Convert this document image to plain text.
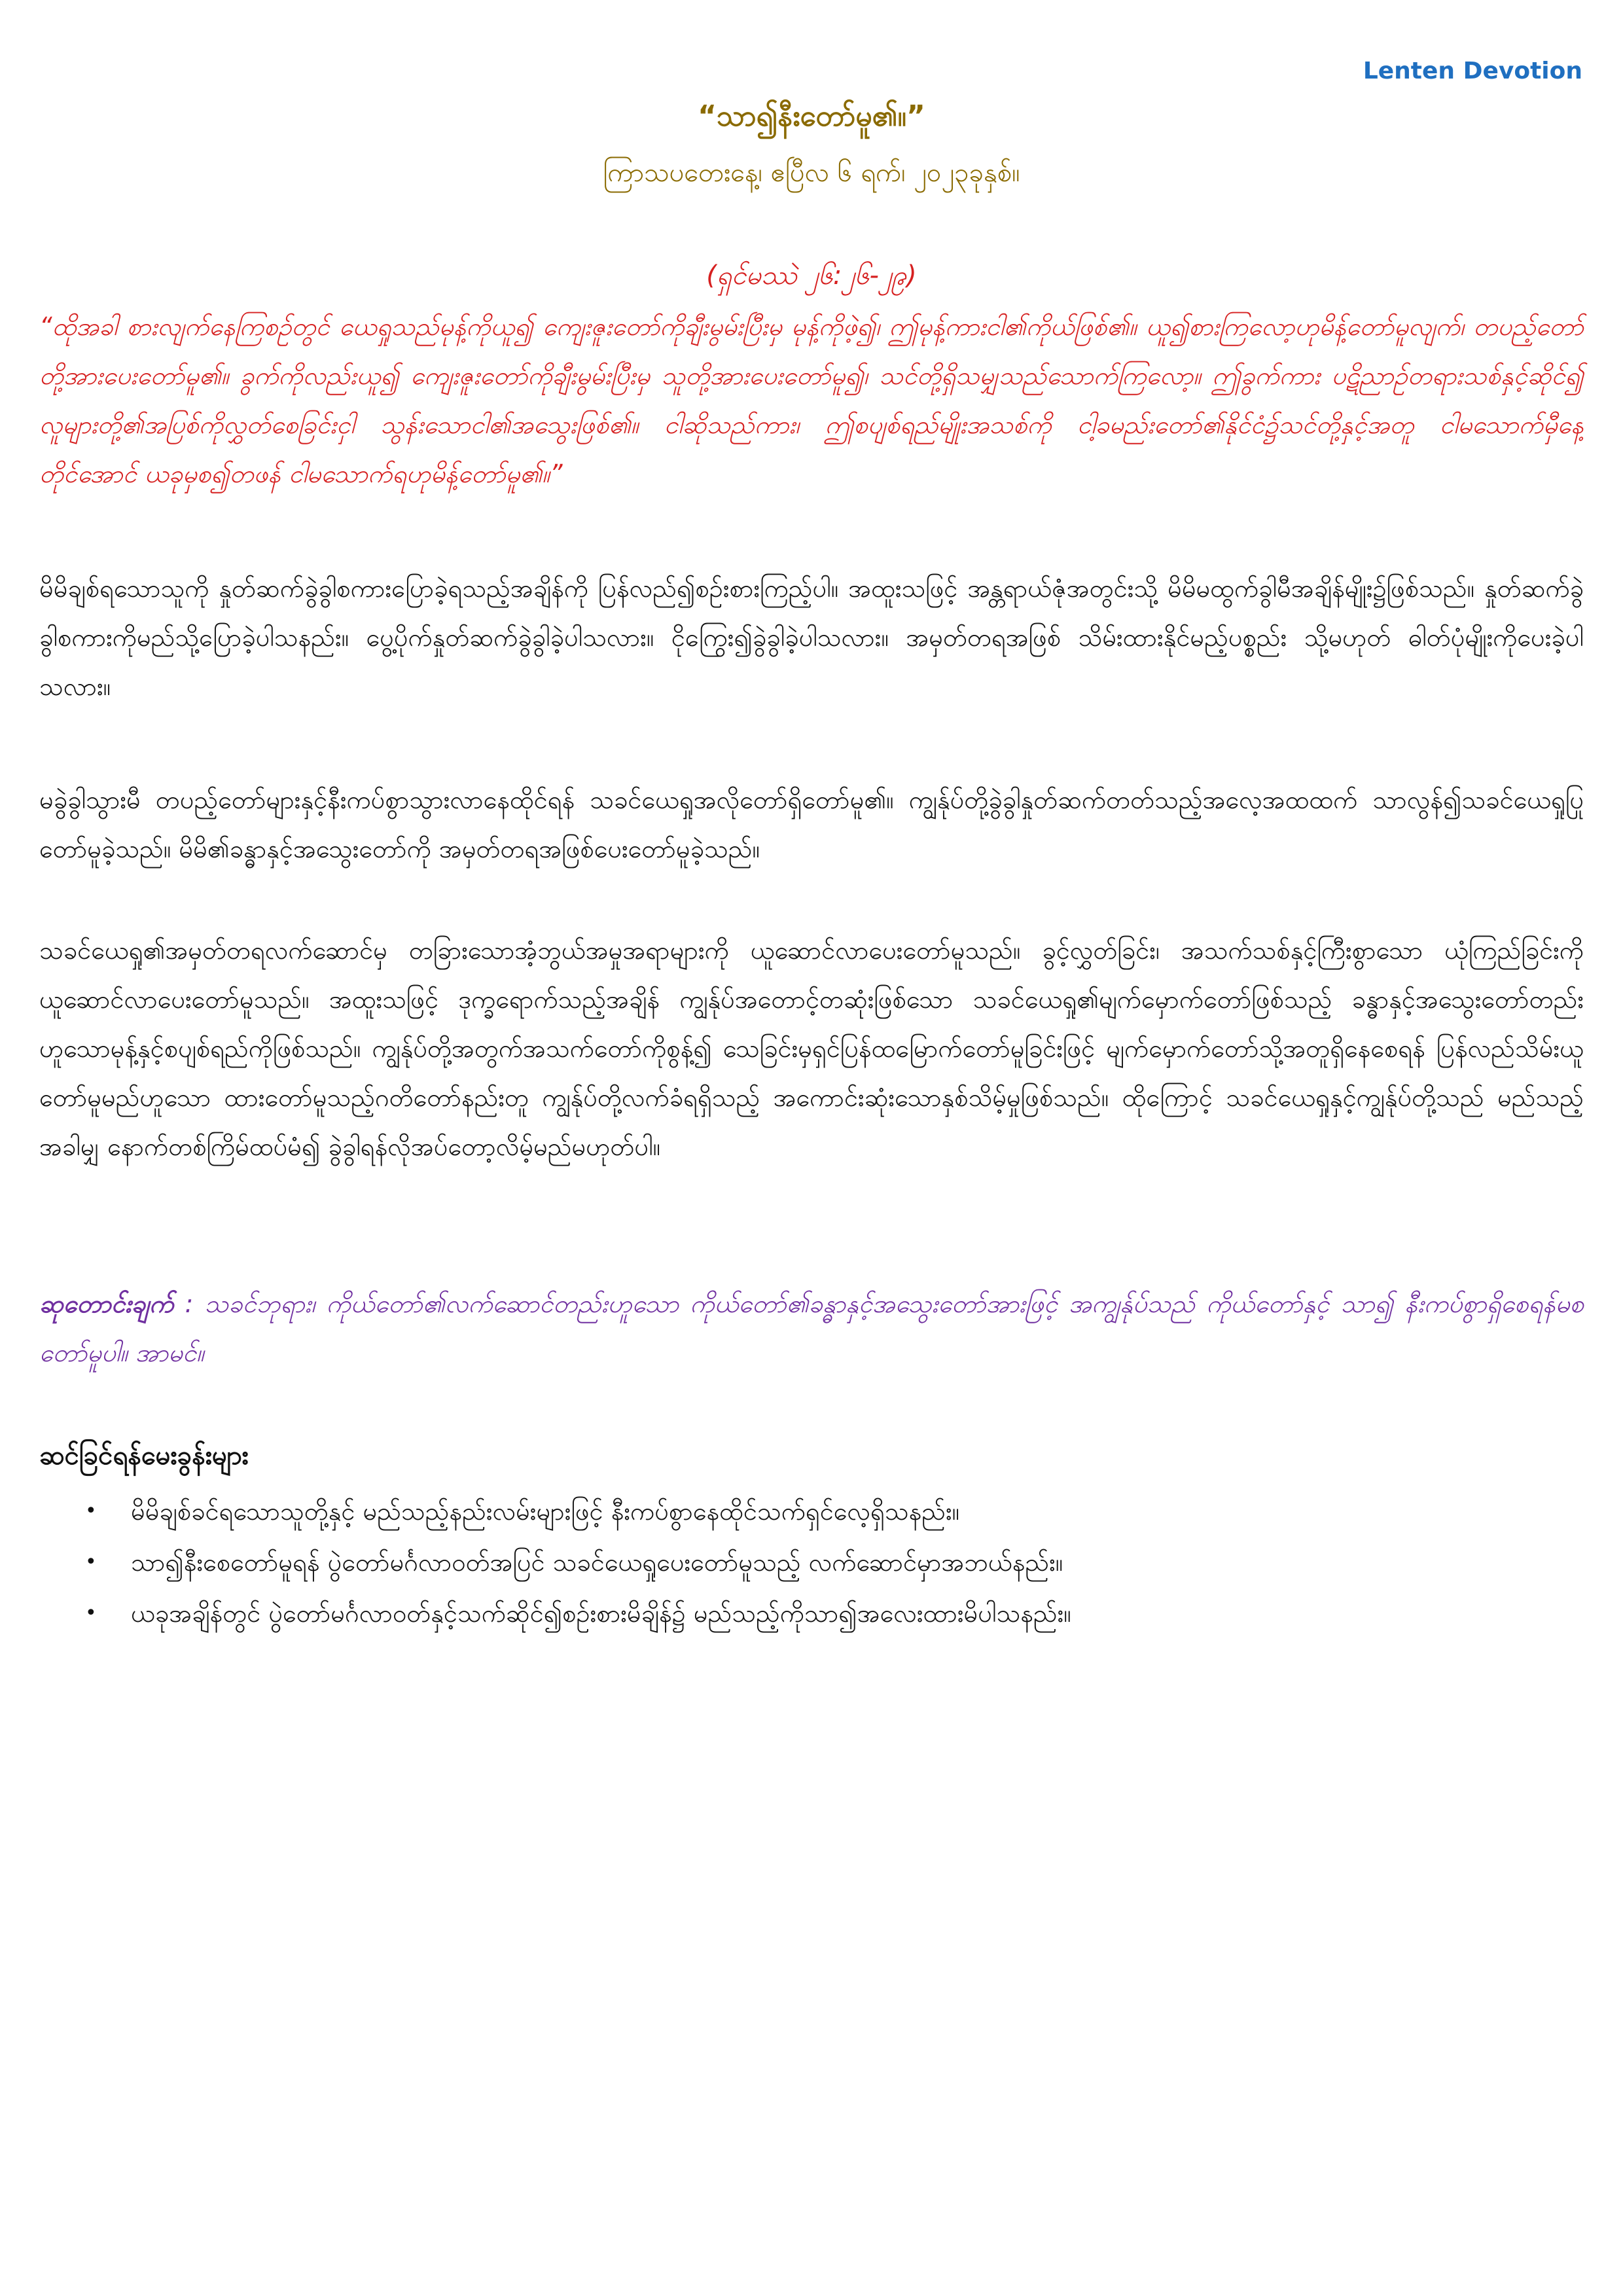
Lenten Devotion
“သာ၍နီးတော်မူ၏။”
ကြာသပတေးနေ့၊ ဧပြီလ ၆ ရက်၊ ၂၀၂၃ခုနှစ်။
(ရှင်မဿဲ ၂၆:၂၆-၂၉)
“ထိုအခါ စားလျက်နေကြစဉ်တွင် ယေရှုသည်မုန့်ကိုယူ၍ ကျေးဇူးတော်ကိုချီးမွမ်းပြီးမှ မုန့်ကိုဖဲ့၍၊ ဤမုန့်ကားငါ၏ကိုယ်ဖြစ်၏။ ယူ၍စားကြလော့ဟုမိန့်တော်မူလျက်၊ တပည့်တော်တို့အားပေးတော်မူ၏။ ခွက်ကိုလည်းယူ၍ ကျေးဇူးတော်ကိုချီးမွမ်းပြီးမှ သူတို့အားပေးတော်မူ၍၊ သင်တို့ရှိသမျှသည်သောက်ကြလော့။ ဤခွက်ကား ပဋိညာဉ်တရားသစ်နှင့်ဆိုင်၍ လူများတို့၏အပြစ်ကိုလွှတ်စေခြင်းငှါ သွန်းသောငါ၏အသွေးဖြစ်၏။ ငါဆိုသည်ကား၊ ဤစပျစ်ရည်မျိုးအသစ်ကို ငါ့ခမည်းတော်၏နိုင်ငံ၌သင်တို့နှင့်အတူ ငါမသောက်မှီနေ့တိုင်အောင် ယခုမှစ၍တဖန် ငါမသောက်ရဟုမိန့်တော်မူ၏။”
မိမိချစ်ရသောသူကို နှုတ်ဆက်ခွဲခွါစကားပြောခဲ့ရသည့်အချိန်ကို ပြန်လည်၍စဉ်းစားကြည့်ပါ။ အထူးသဖြင့် အန္တရာယ်ဇုံအတွင်းသို့ မိမိမထွက်ခွါမီအချိန်မျိုး၌ဖြစ်သည်။ နှုတ်ဆက်ခွဲခွါစကားကိုမည်သို့ပြောခဲ့ပါသနည်း။ ပွေ့ပိုက်နှုတ်ဆက်ခွဲခွါခဲ့ပါသလား။ ငိုကြွေး၍ခွဲခွါခဲ့ပါသလား။ အမှတ်တရအဖြစ် သိမ်းထားနိုင်မည့်ပစ္စည်း သို့မဟုတ် ဓါတ်ပုံမျိုးကိုပေးခဲ့ပါသလား။
မခွဲခွါသွားမီ တပည့်တော်များနှင့်နီးကပ်စွာသွားလာနေထိုင်ရန် သခင်ယေရှုအလိုတော်ရှိတော်မူ၏။ ကျွန်ုပ်တို့ခွဲခွါနှုတ်ဆက်တတ်သည့်အလေ့အထထက် သာလွန်၍သခင်ယေရှုပြုတော်မူခဲ့သည်။ မိမိ၏ခန္ဓာနှင့်အသွေးတော်ကို အမှတ်တရအဖြစ်ပေးတော်မူခဲ့သည်။
သခင်ယေရှု၏အမှတ်တရလက်ဆောင်မှ တခြားသောအံ့ဘွယ်အမှုအရာများကို ယူဆောင်လာပေးတော်မူသည်။ ခွင့်လွှတ်ခြင်း၊ အသက်သစ်နှင့်ကြီးစွာသော ယုံကြည်ခြင်းကိုယူဆောင်လာပေးတော်မူသည်။ အထူးသဖြင့် ဒုက္ခရောက်သည့်အချိန် ကျွန်ုပ်အတောင့်တဆုံးဖြစ်သော သခင်ယေရှု၏မျက်မှောက်တော်ဖြစ်သည့် ခန္ဓာနှင့်အသွေးတော်တည်းဟူသောမုန့်နှင့်စပျစ်ရည်ကိုဖြစ်သည်။ ကျွန်ုပ်တို့အတွက်အသက်တော်ကိုစွန့်၍ သေခြင်းမှရှင်ပြန်ထမြောက်တော်မူခြင်းဖြင့် မျက်မှောက်တော်သို့အတူရှိနေစေရန် ပြန်လည်သိမ်းယူတော်မူမည်ဟူသော ထားတော်မူသည့်ဂတိတော်နည်းတူ ကျွန်ုပ်တို့လက်ခံရရှိသည့် အကောင်းဆုံးသောနှစ်သိမ့်မှုဖြစ်သည်။ ထိုကြောင့် သခင်ယေရှုနှင့်ကျွန်ုပ်တို့သည် မည်သည့်အခါမျှ နောက်တစ်ကြိမ်ထပ်မံ၍ ခွဲခွါရန်လိုအပ်တော့လိမ့်မည်မဟုတ်ပါ။
ဆုတောင်းချက် : သခင်ဘုရား၊ ကိုယ်တော်၏လက်ဆောင်တည်းဟူသော ကိုယ်တော်၏ခန္ဓာနှင့်အသွေးတော်အားဖြင့် အကျွန်ုပ်သည် ကိုယ်တော်နှင့် သာ၍ နီးကပ်စွာရှိစေရန်မစတော်မူပါ။ အာမင်။
ဆင်ခြင်ရန်မေးခွန်းများ
• မိမိချစ်ခင်ရသောသူတို့နှင့် မည်သည့်နည်းလမ်းများဖြင့် နီးကပ်စွာနေထိုင်သက်ရှင်လေ့ရှိသနည်း။
• သာ၍နီးစေတော်မူရန် ပွဲတော်မင်္ဂလာဝတ်အပြင် သခင်ယေရှုပေးတော်မူသည့် လက်ဆောင်မှာအဘယ်နည်း။
• ယခုအချိန်တွင် ပွဲတော်မင်္ဂလာဝတ်နှင့်သက်ဆိုင်၍စဉ်းစားမိချိန်၌ မည်သည့်ကိုသာ၍အလေးထားမိပါသနည်း။
